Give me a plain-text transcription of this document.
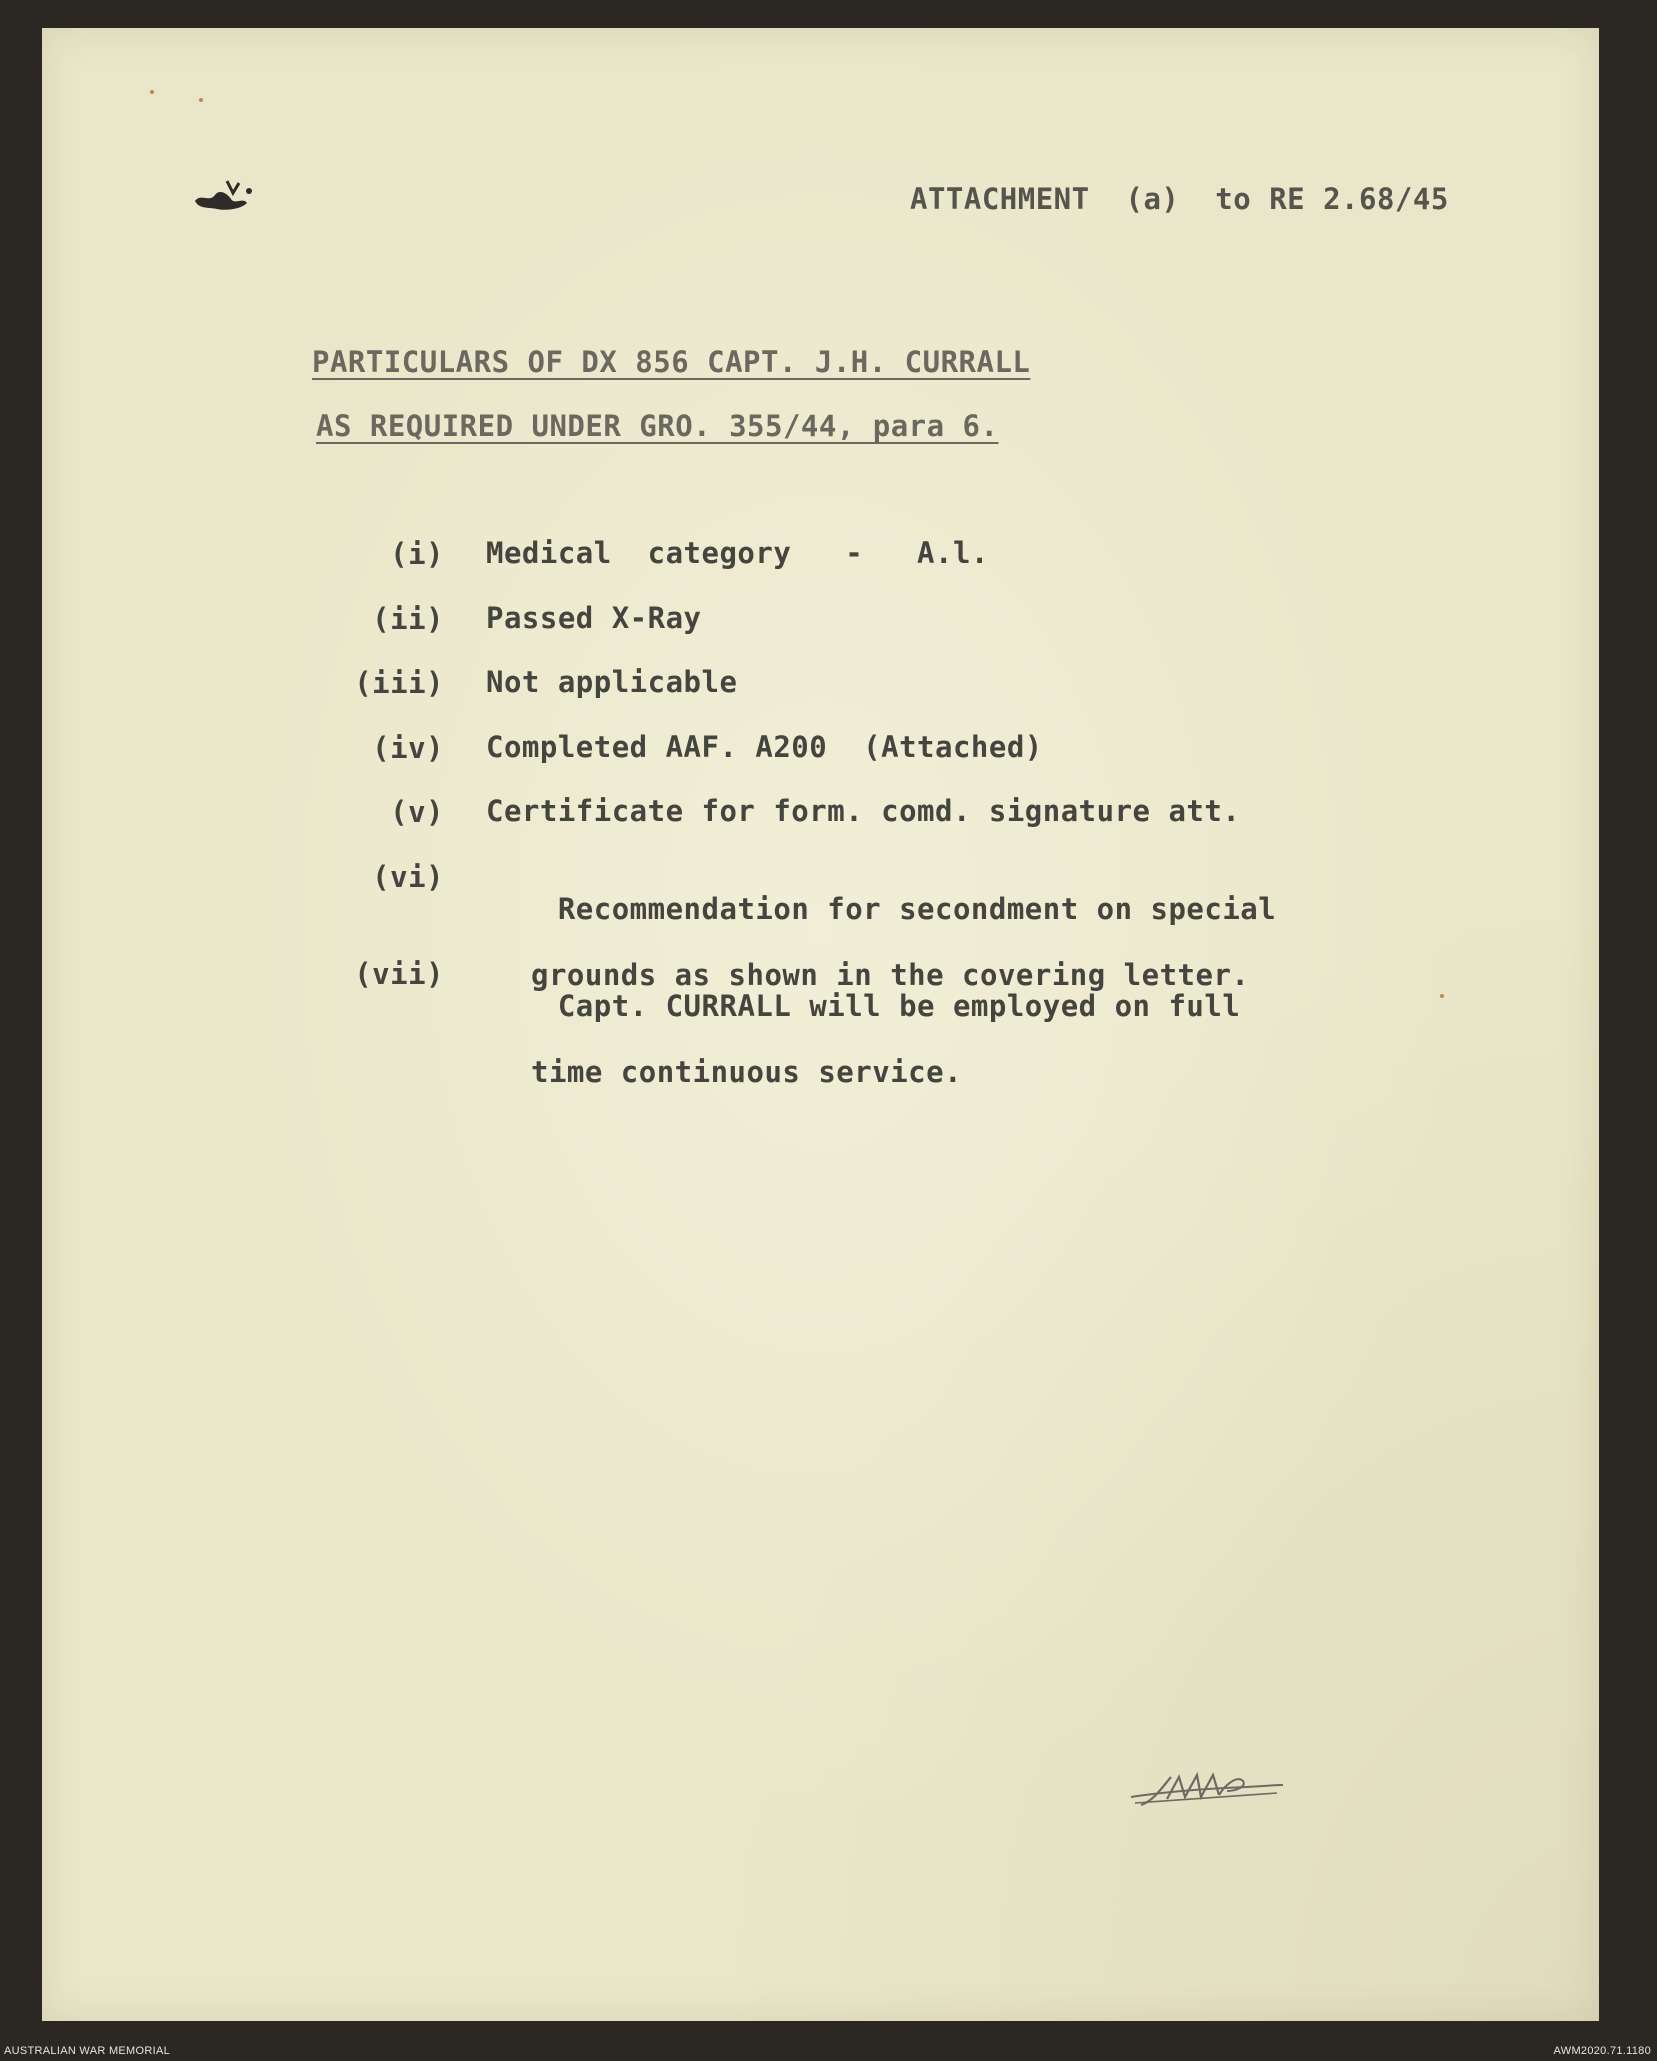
ATTACHMENT  (a)  to RE 2.68/45
PARTICULARS OF DX 856 CAPT. J.H. CURRALL
AS REQUIRED UNDER GRO. 355/44, para 6.
(i) Medical  category   -   A.l.
(ii) Passed X-Ray
(iii) Not applicable
(iv) Completed AAF. A200  (Attached)
(v) Certificate for form. comd. signature att.
(vi)

Recommendation for secondment on special

grounds as shown in the covering letter.

(vii)

Capt. CURRALL will be employed on full

time continuous service.

AUSTRALIAN WAR MEMORIAL	AWM2020.71.1180
